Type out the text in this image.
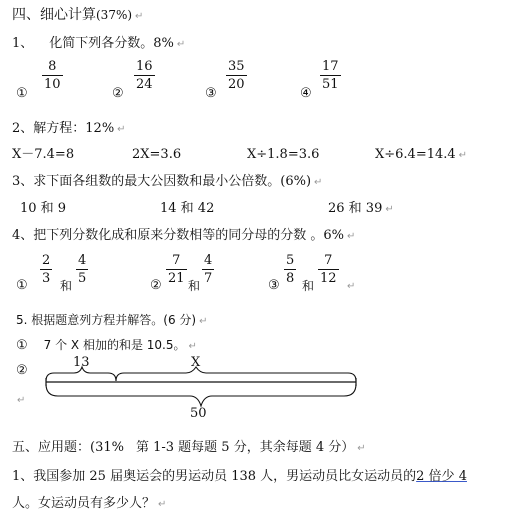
四、细心计算(37%) ↵
1、 化简下列各分数。8% ↵
①
$\frac{8}{10}$
②
$\frac{16}{24}$
③
$\frac{35}{20}$
④
$\frac{17}{51}$
2、解方程：12% ↵
X－7.4=8	2X=3.6	X÷1.8=3.6	X÷6.4=14.4 ↵
3、求下面各组数的最大公因数和最小公倍数。(6%) ↵
10 和 9	14 和 42	26 和 39 ↵
4、把下列分数化成和原来分数相等的同分母的分数 。6% ↵
①
$\frac{2}{3}$
和
$\frac{4}{5}$
②
$\frac{7}{21}$
和
$\frac{4}{7}$
③
$\frac{5}{8}$
和
$\frac{7}{12}$
↵
5. 根据题意列方程并解答。(6 分) ↵
① 7 个 X 相加的和是 10.5。 ↵
②
↵
13	X
50
五、应用题：(31% 第 1-3 题每题 5 分，其余每题 4 分） ↵
1、我国参加 25 届奥运会的男运动员 138 人，男运动员比女运动员的2 倍少 4
人。女运动员有多少人？ ↵
